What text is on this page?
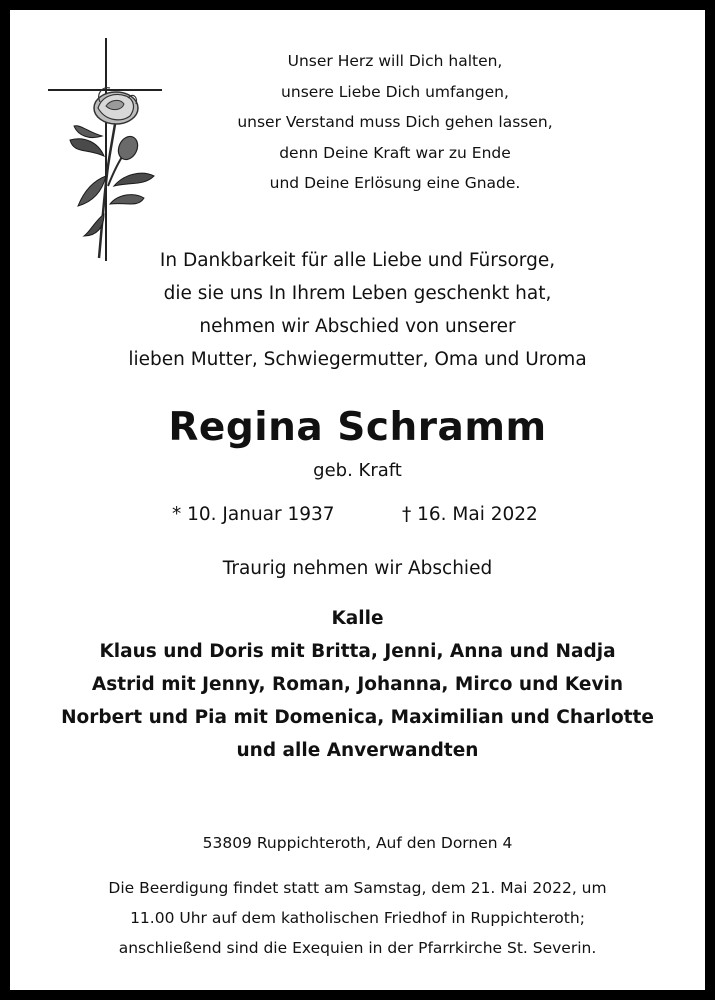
Unser Herz will Dich halten,
unsere Liebe Dich umfangen,
unser Verstand muss Dich gehen lassen,
denn Deine Kraft war zu Ende
und Deine Erlösung eine Gnade.
In Dankbarkeit für alle Liebe und Fürsorge,
die sie uns In Ihrem Leben geschenkt hat,
nehmen wir Abschied von unserer
lieben Mutter, Schwiegermutter, Oma und Uroma
Regina Schramm
geb. Kraft
* 10. Januar 1937	† 16. Mai 2022
Traurig nehmen wir Abschied
Kalle
Klaus und Doris mit Britta, Jenni, Anna und Nadja
Astrid mit Jenny, Roman, Johanna, Mirco und Kevin
Norbert und Pia mit Domenica, Maximilian und Charlotte
und alle Anverwandten
53809 Ruppichteroth, Auf den Dornen 4
Die Beerdigung findet statt am Samstag, dem 21. Mai 2022, um
11.00 Uhr auf dem katholischen Friedhof in Ruppichteroth;
anschließend sind die Exequien in der Pfarrkirche St. Severin.
